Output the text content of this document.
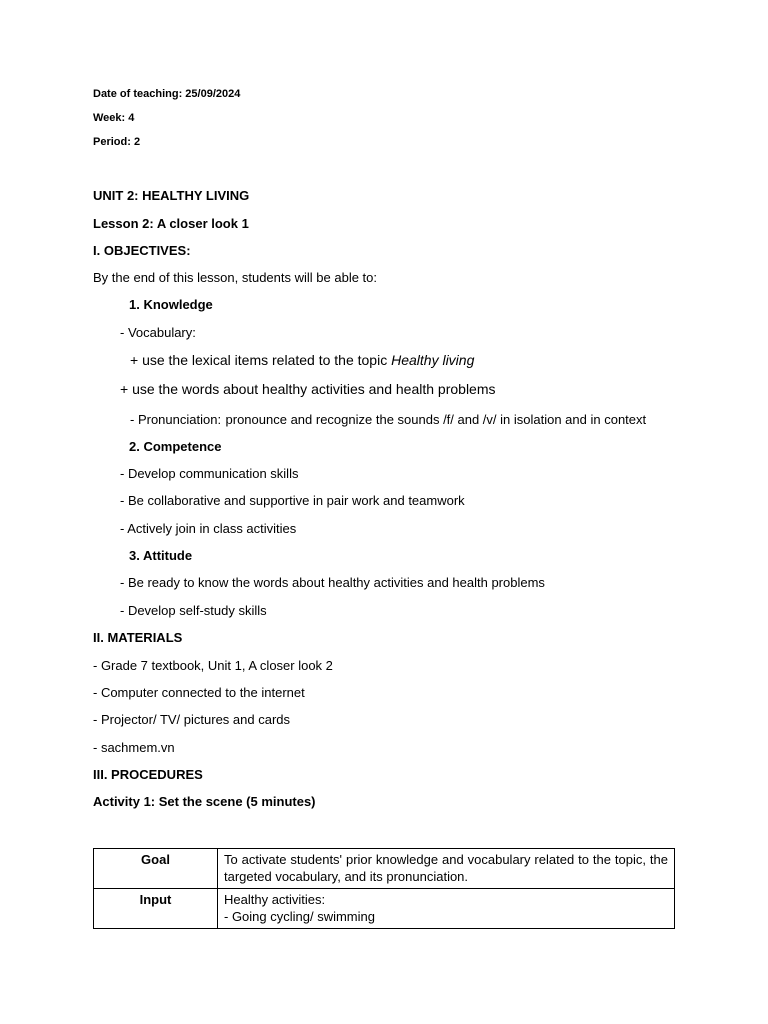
Date of teaching: 25/09/2024
Week: 4
Period: 2
UNIT 2: HEALTHY LIVING
Lesson 2: A closer look 1
I. OBJECTIVES:
By the end of this lesson, students will be able to:
1. Knowledge
- Vocabulary:
+ use the lexical items related to the topic Healthy living
+ use the words about healthy activities and health problems
- Pronunciation: pronounce and recognize the sounds /f/ and /v/ in isolation and in context
2. Competence
- Develop communication skills
- Be collaborative and supportive in pair work and teamwork
- Actively join in class activities
3. Attitude
- Be ready to know the words about healthy activities and health problems
- Develop self-study skills
II. MATERIALS
- Grade 7 textbook, Unit 1, A closer look 2
- Computer connected to the internet
- Projector/ TV/ pictures and cards
- sachmem.vn
III. PROCEDURES
Activity 1: Set the scene (5 minutes)
Goal	To activate students' prior knowledge and vocabulary related to the topic, the targeted vocabulary, and its pronunciation.
Input	Healthy activities:
- Going cycling/ swimming
